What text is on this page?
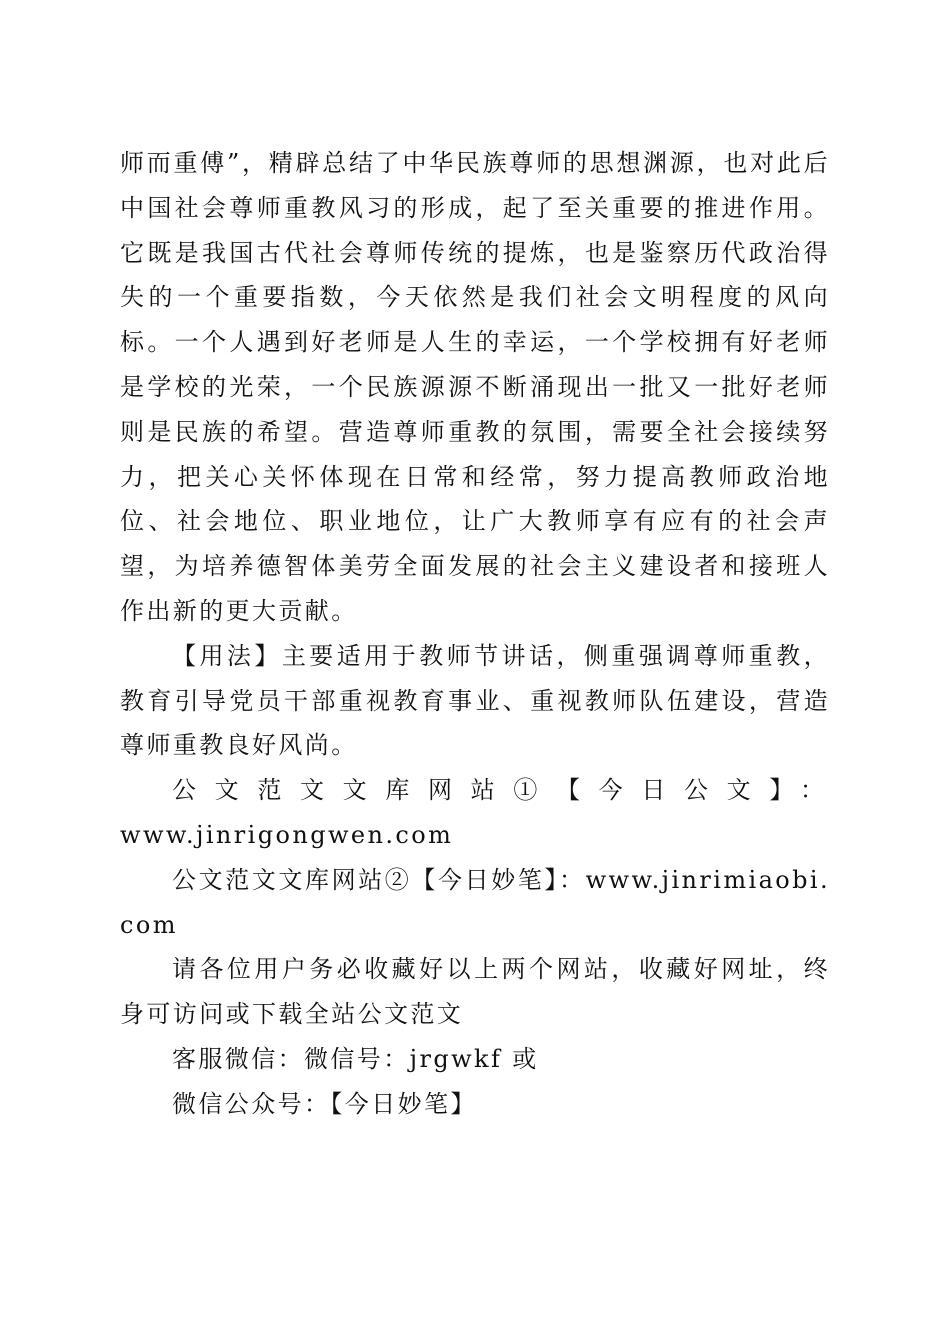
师而重傅”，精辟总结了中华民族尊师的思想渊源，也对此后中国社会尊师重教风习的形成，起了至关重要的推进作用。它既是我国古代社会尊师传统的提炼，也是鉴察历代政治得失的一个重要指数，今天依然是我们社会文明程度的风向标。一个人遇到好老师是人生的幸运，一个学校拥有好老师是学校的光荣，一个民族源源不断涌现出一批又一批好老师则是民族的希望。营造尊师重教的氛围，需要全社会接续努力，把关心关怀体现在日常和经常，努力提高教师政治地位、社会地位、职业地位，让广大教师享有应有的社会声望，为培养德智体美劳全面发展的社会主义建设者和接班人作出新的更大贡献。

【用法】主要适用于教师节讲话，侧重强调尊师重教，教育引导党员干部重视教育事业、重视教师队伍建设，营造尊师重教良好风尚。

公文范文文库网站①【今日公文】：

www.jinrigongwen.com

公文范文文库网站②【今日妙笔】：www.jinrimiaobi.com

请各位用户务必收藏好以上两个网站，收藏好网址，终身可访问或下载全站公文范文

客服微信：微信号：jrgwkf 或

微信公众号：【今日妙笔】
